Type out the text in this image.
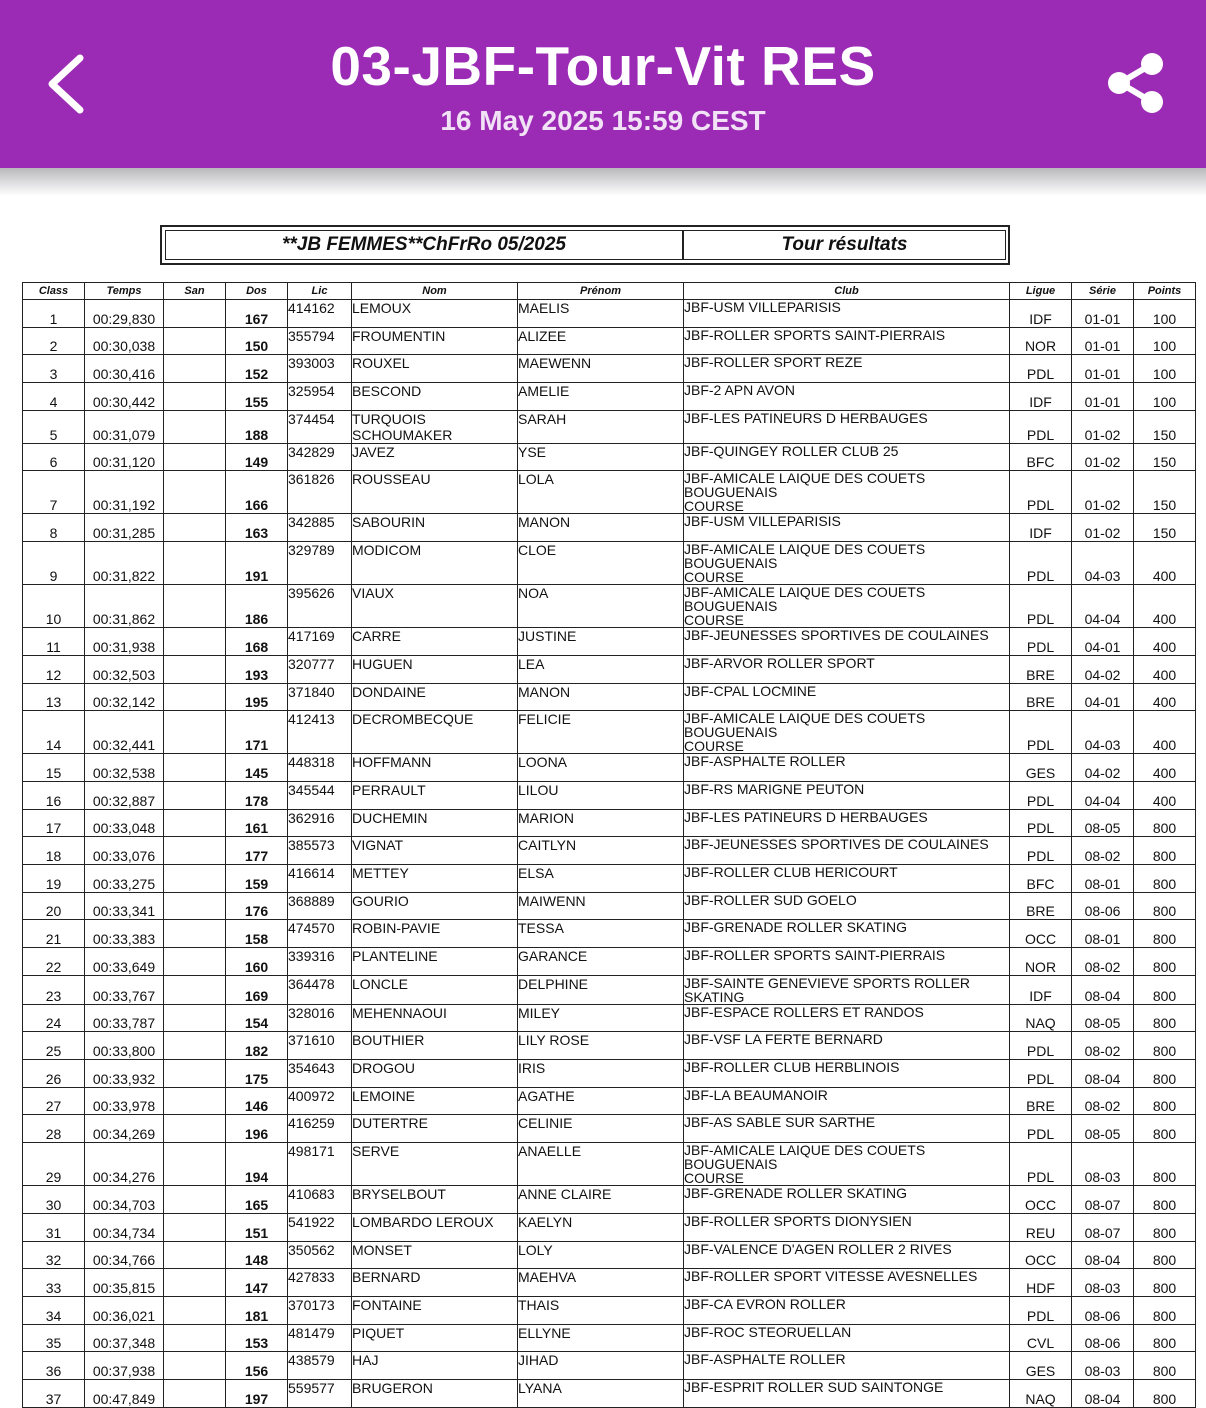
03-JBF-Tour-Vit RES
16 May 2025 15:59 CEST
**JB FEMMES**ChFrRo 05/2025	Tour résultats
Class	Temps	San	Dos	Lic	Nom	Prénom	Club	Ligue	Série	Points
1	00:29,830		167	414162	LEMOUX	MAELIS	JBF-USM VILLEPARISIS	IDF	01-01	100
2	00:30,038		150	355794	FROUMENTIN	ALIZEE	JBF-ROLLER SPORTS SAINT-PIERRAIS	NOR	01-01	100
3	00:30,416		152	393003	ROUXEL	MAEWENN	JBF-ROLLER SPORT REZE	PDL	01-01	100
4	00:30,442		155	325954	BESCOND	AMELIE	JBF-2 APN AVON	IDF	01-01	100
5	00:31,079		188	374454	TURQUOIS SCHOUMAKER	SARAH	JBF-LES PATINEURS D HERBAUGES	PDL	01-02	150
6	00:31,120		149	342829	JAVEZ	YSE	JBF-QUINGEY ROLLER CLUB 25	BFC	01-02	150
7	00:31,192		166	361826	ROUSSEAU	LOLA	JBF-AMICALE LAIQUE DES COUETS BOUGUENAIS
COURSE	PDL	01-02	150
8	00:31,285		163	342885	SABOURIN	MANON	JBF-USM VILLEPARISIS	IDF	01-02	150
9	00:31,822		191	329789	MODICOM	CLOE	JBF-AMICALE LAIQUE DES COUETS BOUGUENAIS
COURSE	PDL	04-03	400
10	00:31,862		186	395626	VIAUX	NOA	JBF-AMICALE LAIQUE DES COUETS BOUGUENAIS
COURSE	PDL	04-04	400
11	00:31,938		168	417169	CARRE	JUSTINE	JBF-JEUNESSES SPORTIVES DE COULAINES	PDL	04-01	400
12	00:32,503		193	320777	HUGUEN	LEA	JBF-ARVOR ROLLER SPORT	BRE	04-02	400
13	00:32,142		195	371840	DONDAINE	MANON	JBF-CPAL LOCMINE	BRE	04-01	400
14	00:32,441		171	412413	DECROMBECQUE	FELICIE	JBF-AMICALE LAIQUE DES COUETS BOUGUENAIS
COURSE	PDL	04-03	400
15	00:32,538		145	448318	HOFFMANN	LOONA	JBF-ASPHALTE ROLLER	GES	04-02	400
16	00:32,887		178	345544	PERRAULT	LILOU	JBF-RS MARIGNE PEUTON	PDL	04-04	400
17	00:33,048		161	362916	DUCHEMIN	MARION	JBF-LES PATINEURS D HERBAUGES	PDL	08-05	800
18	00:33,076		177	385573	VIGNAT	CAITLYN	JBF-JEUNESSES SPORTIVES DE COULAINES	PDL	08-02	800
19	00:33,275		159	416614	METTEY	ELSA	JBF-ROLLER CLUB HERICOURT	BFC	08-01	800
20	00:33,341		176	368889	GOURIO	MAIWENN	JBF-ROLLER SUD GOELO	BRE	08-06	800
21	00:33,383		158	474570	ROBIN-PAVIE	TESSA	JBF-GRENADE ROLLER SKATING	OCC	08-01	800
22	00:33,649		160	339316	PLANTELINE	GARANCE	JBF-ROLLER SPORTS SAINT-PIERRAIS	NOR	08-02	800
23	00:33,767		169	364478	LONCLE	DELPHINE	JBF-SAINTE GENEVIEVE SPORTS ROLLER SKATING	IDF	08-04	800
24	00:33,787		154	328016	MEHENNAOUI	MILEY	JBF-ESPACE ROLLERS ET RANDOS	NAQ	08-05	800
25	00:33,800		182	371610	BOUTHIER	LILY ROSE	JBF-VSF LA FERTE BERNARD	PDL	08-02	800
26	00:33,932		175	354643	DROGOU	IRIS	JBF-ROLLER CLUB HERBLINOIS	PDL	08-04	800
27	00:33,978		146	400972	LEMOINE	AGATHE	JBF-LA BEAUMANOIR	BRE	08-02	800
28	00:34,269		196	416259	DUTERTRE	CELINIE	JBF-AS SABLE SUR SARTHE	PDL	08-05	800
29	00:34,276		194	498171	SERVE	ANAELLE	JBF-AMICALE LAIQUE DES COUETS BOUGUENAIS
COURSE	PDL	08-03	800
30	00:34,703		165	410683	BRYSELBOUT	ANNE CLAIRE	JBF-GRENADE ROLLER SKATING	OCC	08-07	800
31	00:34,734		151	541922	LOMBARDO LEROUX	KAELYN	JBF-ROLLER SPORTS DIONYSIEN	REU	08-07	800
32	00:34,766		148	350562	MONSET	LOLY	JBF-VALENCE D'AGEN ROLLER 2 RIVES	OCC	08-04	800
33	00:35,815		147	427833	BERNARD	MAEHVA	JBF-ROLLER SPORT VITESSE AVESNELLES	HDF	08-03	800
34	00:36,021		181	370173	FONTAINE	THAIS	JBF-CA EVRON ROLLER	PDL	08-06	800
35	00:37,348		153	481479	PIQUET	ELLYNE	JBF-ROC STEORUELLAN	CVL	08-06	800
36	00:37,938		156	438579	HAJ	JIHAD	JBF-ASPHALTE ROLLER	GES	08-03	800
37	00:47,849		197	559577	BRUGERON	LYANA	JBF-ESPRIT ROLLER SUD SAINTONGE	NAQ	08-04	800
